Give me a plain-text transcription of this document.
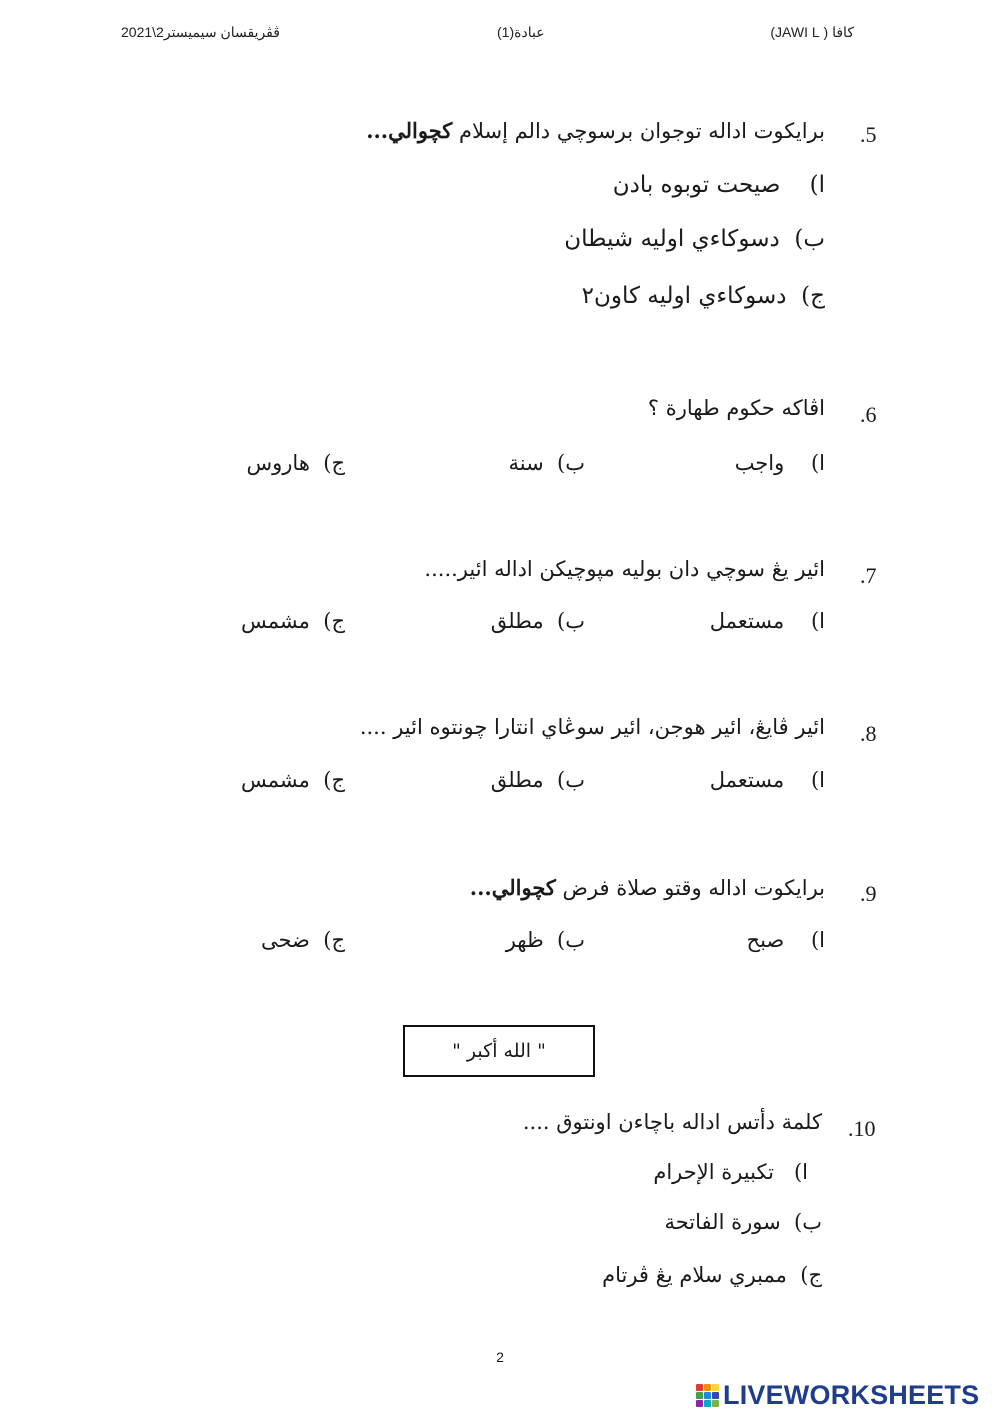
كافا ( JAWI L)
عبادة(1)
ڤڤريقسان سيميستر2\2021
.5
برايكوت اداله توجوان برسوچي دالم إسلام كچوالي...
ا)    صيحت توبوه بادن
ب)  دسوكاءي اوليه شيطان
ج)  دسوكاءي اوليه كاون٢
.6
اڤاكه حكوم طهارة ؟
ا)    واجب
ب)  سنة
ج)  هاروس
.7
ائير يڠ سوچي دان بوليه مپوچيكن اداله ائير.....
ا)    مستعمل
ب)  مطلق
ج)  مشمس
.8
ائير ڤايڠ، ائير هوجن، ائير سوڠاي انتارا چونتوه ائير ....
ا)    مستعمل
ب)  مطلق
ج)  مشمس
.9
برايكوت اداله وقتو صلاة فرض كچوالي...
ا)    صبح
ب)  ظهر
ج)  ضحى
" الله أكبر "
.10
كلمة دأتس اداله باچاءن اونتوق ....
ا)   تكبيرة الإحرام
ب)  سورة الفاتحة
ج)  ممبري سلام يڠ ڤرتام
2
LIVEWORKSHEETS
